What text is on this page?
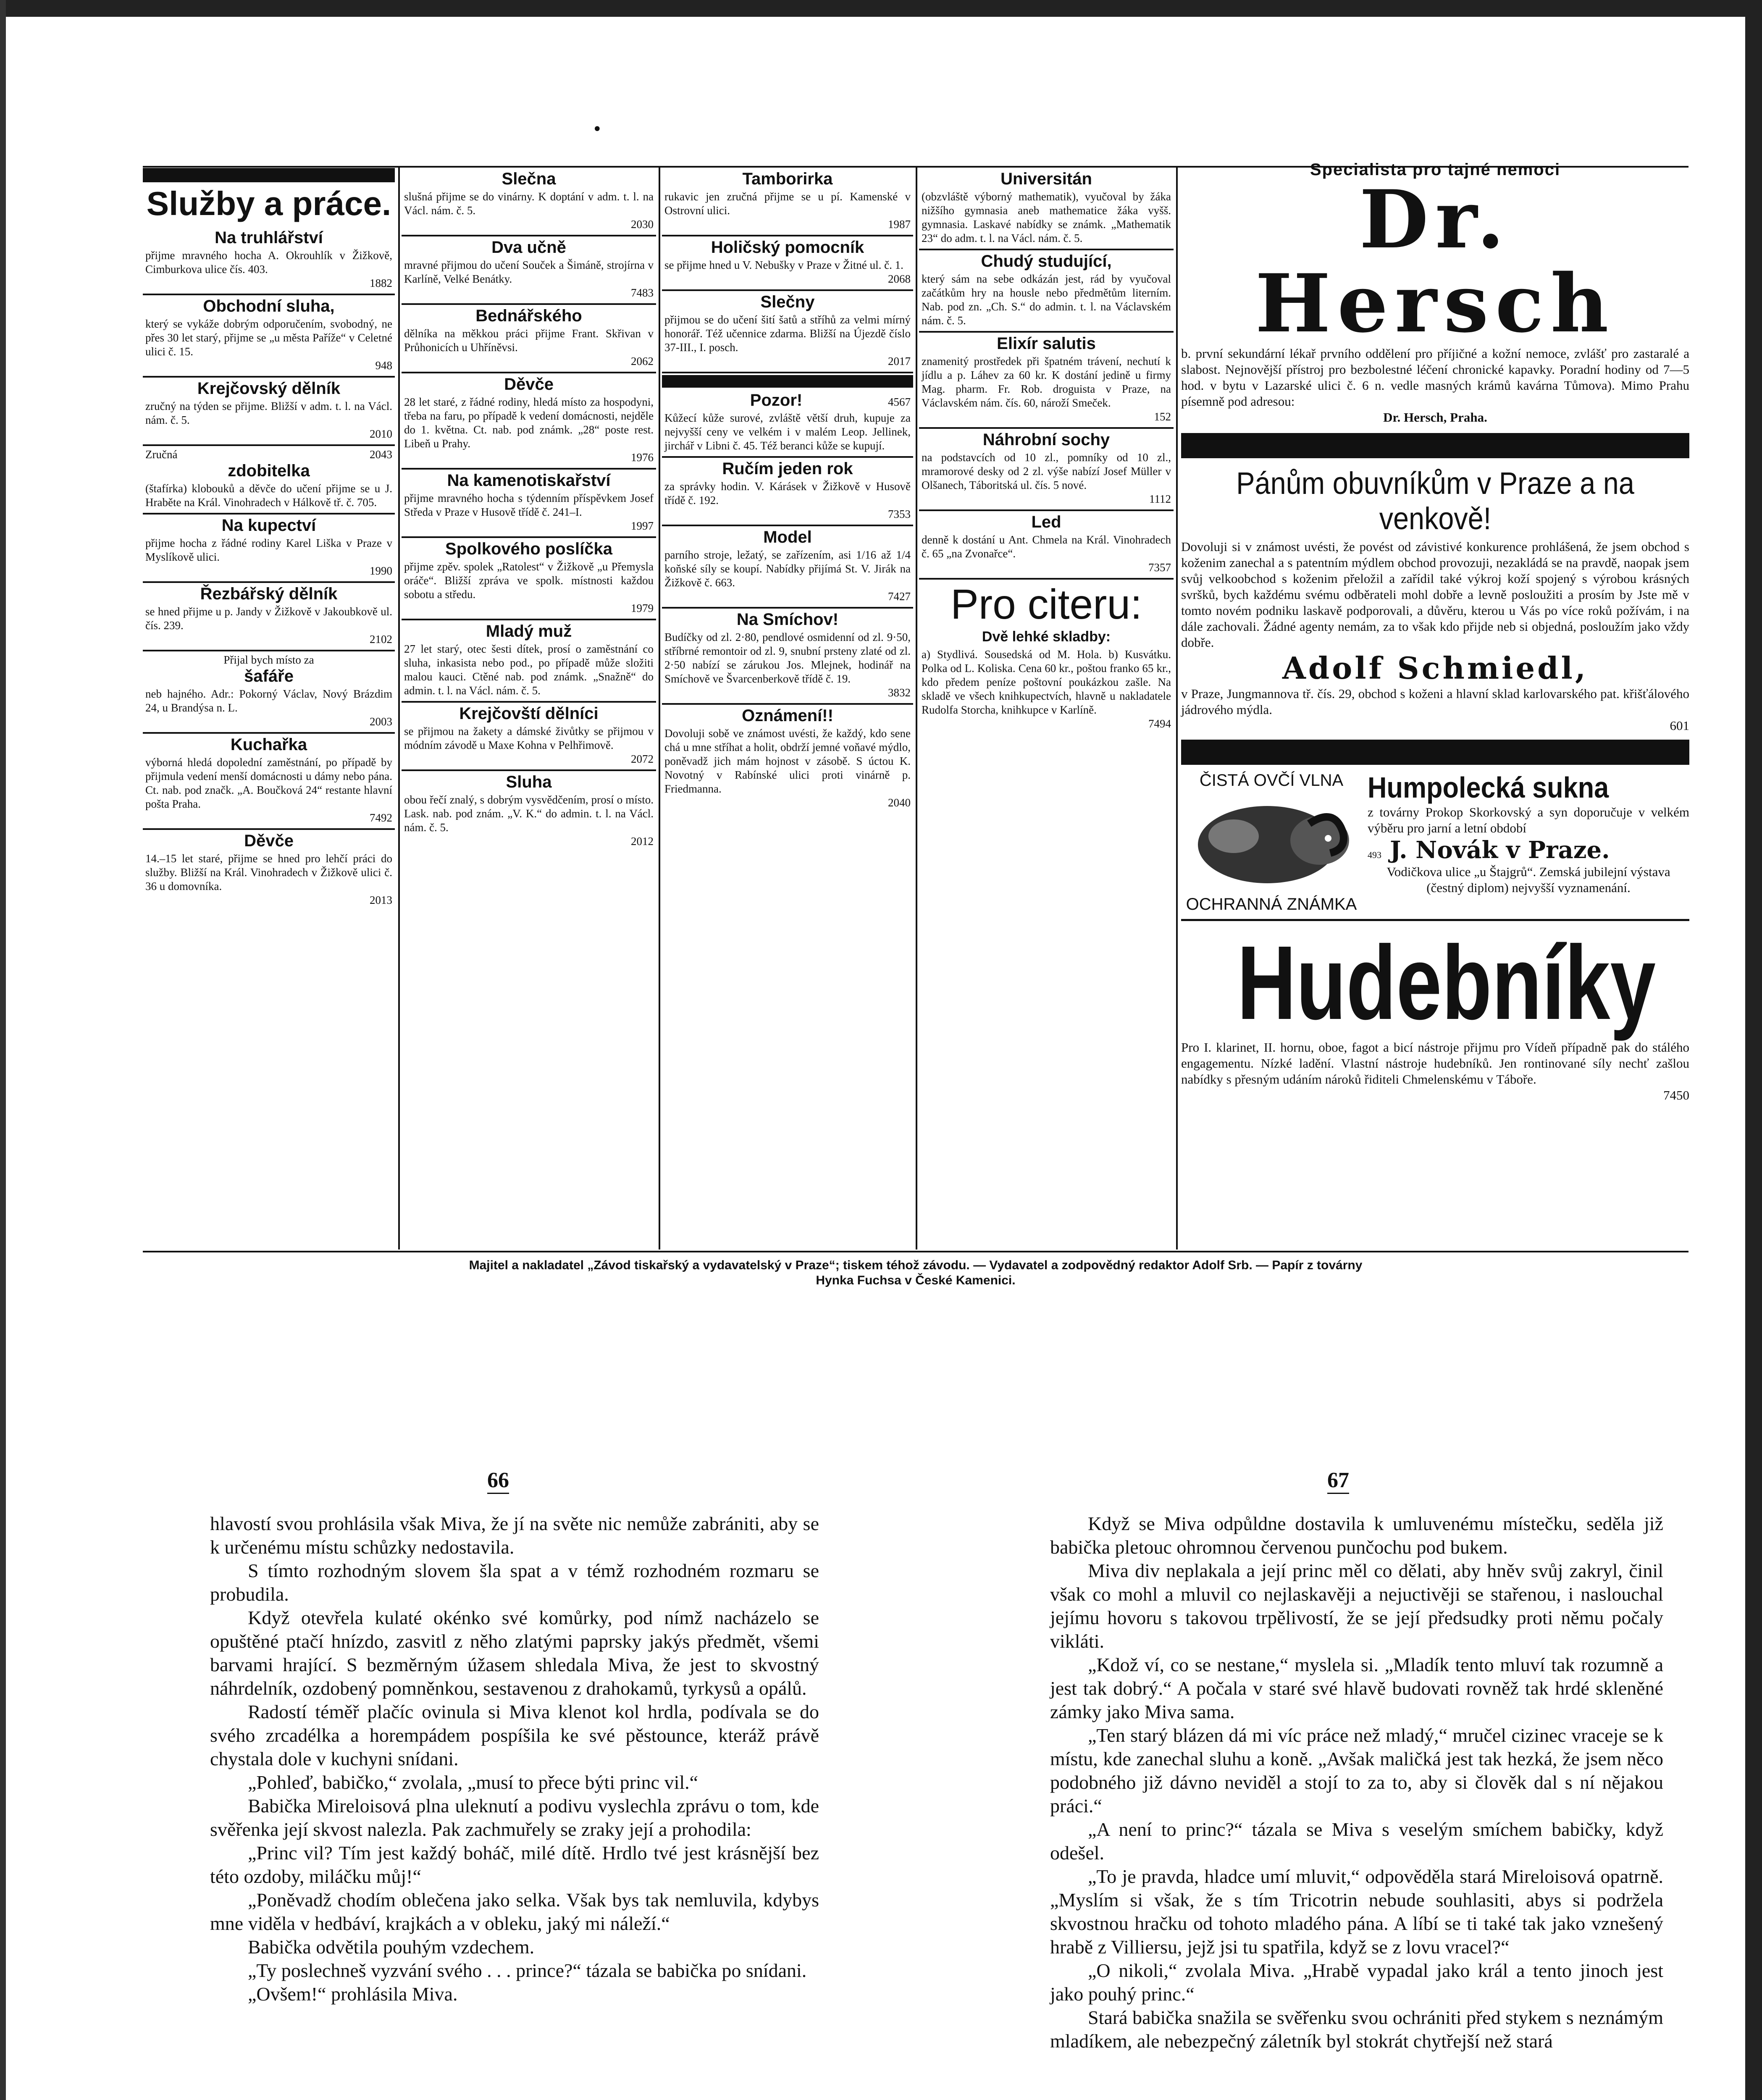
•
Služby a práce.
Na truhlářství

přijme mravného hocha A. Okrouhlík v Žižkově, Cimburkova ulice čís. 403.

1882
Obchodní sluha,

který se vykáže dobrým odporučením, svobodný, ne přes 30 let starý, přijme se „u města Paříže“ v Celetné ulici č. 15.

948
Krejčovský dělník

zručný na týden se přijme. Bližší v adm. t. l. na Václ. nám. č. 5.

2010
Zručná	2043
zdobitelka

(štafírka) klobouků a děvče do učení přijme se u J. Hraběte na Král. Vinohradech v Hálkově tř. č. 705.

Na kupectví

přijme hocha z řádné rodiny Karel Liška v Praze v Myslíkově ulici.

1990
Řezbářský dělník

se hned přijme u p. Jandy v Žižkově v Jakoubkově ul. čís. 239.

2102

Přijal bych místo za

šafáře

neb hajného. Adr.: Pokorný Václav, Nový Brázdim 24, u Brandýsa n. L.

2003
Kuchařka

výborná hledá dopolední zaměstnání, po případě by přijmula vedení menší domácnosti u dámy nebo pána. Ct. nab. pod značk. „A. Boučková 24“ restante hlavní pošta Praha.

7492
Děvče

14.–15 let staré, přijme se hned pro lehčí práci do služby. Bližší na Král. Vinohradech v Žižkově ulici č. 36 u domovníka.

2013
Slečna

slušná přijme se do vinárny. K doptání v adm. t. l. na Václ. nám. č. 5.

2030
Dva učně

mravné přijmou do učení Souček a Šimáně, strojírna v Karlíně, Velké Benátky.

7483
Bednářského

dělníka na měkkou práci přijme Frant. Skřivan v Průhonicích u Uhříněvsi.

2062
Děvče

28 let staré, z řádné rodiny, hledá místo za hospodyni, třeba na faru, po případě k vedení domácnosti, nejděle do 1. května. Ct. nab. pod známk. „28“ poste rest. Libeň u Prahy.

1976
Na kamenotiskařství

přijme mravného hocha s týdenním příspěvkem Josef Středa v Praze v Husově třídě č. 241–I.

1997
Spolkového poslíčka

přijme zpěv. spolek „Ratolest“ v Žižkově „u Přemysla oráče“. Bližší zpráva ve spolk. místnosti každou sobotu a středu.

1979
Mladý muž

27 let starý, otec šesti dítek, prosí o zaměstnání co sluha, inkasista nebo pod., po případě může složiti malou kauci. Ctěné nab. pod známk. „Snažně“ do admin. t. l. na Václ. nám. č. 5.

Krejčovští dělníci

se přijmou na žakety a dámské živůtky se přijmou v módním závodě u Maxe Kohna v Pelhřimově.

2072
Sluha

obou řečí znalý, s dobrým vysvědčením, prosí o místo. Lask. nab. pod znám. „V. K.“ do admin. t. l. na Václ. nám. č. 5.

2012
Tamborirka

rukavic jen zručná přijme se u pí. Kamenské v Ostrovní ulici.

1987
Holičský pomocník

se přijme hned u V. Nebušky v Praze v Žitné ul. č. 1.

2068
Slečny

přijmou se do učení šití šatů a stříhů za velmi mírný honorář. Též učennice zdarma. Bližší na Újezdě číslo 37-III., I. posch.

2017
Pozor!	4567

Kůžecí kůže surové, zvláště větší druh, kupuje za nejvyšší ceny ve velkém i v malém Leop. Jellinek, jirchář v Libni č. 45. Též beranci kůže se kupují.

Ručím jeden rok

za správky hodin. V. Kárásek v Žižkově v Husově třídě č. 192.

7353
Model

parního stroje, ležatý, se zařízením, asi 1/16 až 1/4 koňské síly se koupí. Nabídky přijímá St. V. Jirák na Žižkově č. 663.

7427
Na Smíchov!

Budíčky od zl. 2·80, pendlové osmidenní od zl. 9·50, stříbrné remontoir od zl. 9, snubní prsteny zlaté od zl. 2·50 nabízí se zárukou Jos. Mlejnek, hodinář na Smíchově ve Švarcenberkově třídě č. 19.

3832
Oznámení!!

Dovoluji sobě ve známost uvésti, že každý, kdo sene chá u mne stříhat a holit, obdrží jemné voňavé mýdlo, poněvadž jich mám hojnost v zásobě. S úctou K. Novotný v Rabínské ulici proti vinárně p. Friedmanna.

2040
Universitán

(obzvláště výborný mathematik), vyučoval by žáka nižšího gymnasia aneb mathematice žáka vyšš. gymnasia. Laskavé nabídky se známk. „Mathematik 23“ do adm. t. l. na Václ. nám. č. 5.

Chudý studující,

který sám na sebe odkázán jest, rád by vyučoval začátkům hry na housle nebo předmětům literním. Nab. pod zn. „Ch. S.“ do admin. t. l. na Václavském nám. č. 5.

Elixír salutis

znamenitý prostředek při špatném trávení, nechutí k jídlu a p. Láhev za 60 kr. K dostání jedině u firmy Mag. pharm. Fr. Rob. droguista v Praze, na Václavském nám. čís. 60, nároží Smeček.

152
Náhrobní sochy

na podstavcích od 10 zl., pomníky od 10 zl., mramorové desky od 2 zl. výše nabízí Josef Müller v Olšanech, Táboritská ul. čís. 5 nové.

1112
Led

denně k dostání u Ant. Chmela na Král. Vinohradech č. 65 „na Zvonařce“.

7357
Pro citeru:
Dvě lehké skladby:

a) Stydlivá. Sousedská od M. Hola. b) Kusvátku. Polka od L. Koliska. Cena 60 kr., poštou franko 65 kr., kdo předem peníze poštovní poukázkou zašle. Na skladě ve všech knihkupectvích, hlavně u nakladatele Rudolfa Storcha, knihkupce v Karlíně.

7494
Specialista pro tajné nemoci
Dr. Hersch

b. první sekundární lékař prvního oddělení pro příjičné a kožní nemoce, zvlášť pro zastaralé a slabost. Nejnovější přístroj pro bezbolestné léčení chronické kapavky. Poradní hodiny od 7—5 hod. v bytu v Lazarské ulici č. 6 n. vedle masných krámů kavárna Tůmova). Mimo Prahu písemně pod adresou:

Dr. Hersch, Praha.

Pánům obuvníkům v Praze a na venkově!

Dovoluji si v známost uvésti, že povést od závistivé konkurence prohlášená, že jsem obchod s koženim zanechal a s patentním mýdlem obchod provozuji, nezakládá se na pravdě, naopak jsem svůj velkoobchod s koženim přeložil a zařídil také výkroj koží spojený s výrobou krásných svršků, bych každému svému odběrateli mohl dobře a levně posloužiti a prosím by Jste mě v tomto novém podniku laskavě podporovali, a důvěru, kterou u Vás po více roků požívám, i na dále zachovali. Žádné agenty nemám, za to však kdo přijde neb si objedná, posloužím jako vždy dobře.

Adolf Schmiedl,

v Praze, Jungmannova tř. čís. 29, obchod s koženi a hlavní sklad karlovarského pat. křišťálového jádrového mýdla.

601
ČISTÁ OVČÍ VLNA
OCHRANNÁ ZNÁMKA
Humpolecká sukna

z továrny Prokop Skorkovský a syn doporučuje v velkém výběru pro jarní a letní období

493 J. Novák v Praze.

Vodičkova ulice „u Štajgrů“. Zemská jubilejní výstava (čestný diplom) nejvyšší vyznamenání.

Hudebníky

Pro I. klarinet, II. hornu, oboe, fagot a bicí nástroje přijmu pro Vídeň případně pak do stálého engagementu. Nízké ladění. Vlastní nástroje hudebníků. Jen rontinované síly nechť zašlou nabídky s přesným udáním nároků řiditeli Chmelenskému v Táboře.

7450
Majitel a nakladatel „Závod tiskařský a vydavatelský v Praze“; tiskem téhož závodu. — Vydavatel a zodpovědný redaktor Adolf Srb. — Papír z továrny
Hynka Fuchsa v České Kamenici.
66	67

hlavostí svou prohlásila však Miva, že jí na světe nic nemůže zabrániti, aby se k určenému místu schůzky nedostavila.

S tímto rozhodným slovem šla spat a v témž rozhodném rozmaru se probudila.

Když otevřela kulaté okénko své komůrky, pod nímž nacházelo se opuštěné ptačí hnízdo, zasvitl z něho zlatými paprsky jakýs předmět, všemi barvami hrající. S bezměrným úžasem shledala Miva, že jest to skvostný náhrdelník, ozdobený pomněnkou, sestavenou z drahokamů, tyrkysů a opálů.

Radostí téměř plačíc ovinula si Miva klenot kol hrdla, podívala se do svého zrcadélka a horempádem pospíšila ke své pěstounce, kteráž právě chystala dole v kuchyni snídani.

„Pohleď, babičko,“ zvolala, „musí to přece býti princ vil.“

Babička Mireloisová plna uleknutí a podivu vyslechla zprávu o tom, kde svěřenka její skvost nalezla. Pak zachmuřely se zraky její a prohodila:

„Princ vil? Tím jest každý boháč, milé dítě. Hrdlo tvé jest krásnější bez této ozdoby, miláčku můj!“

„Poněvadž chodím oblečena jako selka. Však bys tak nemluvila, kdybys mne viděla v hedbáví, krajkách a v obleku, jaký mi náleží.“

Babička odvětila pouhým vzdechem.

„Ty poslechneš vyzvání svého . . . prince?“ tázala se babička po snídani.

„Ovšem!“ prohlásila Miva.

Když se Miva odpůldne dostavila k umluvenému místečku, seděla již babička pletouc ohromnou červenou punčochu pod bukem.

Miva div neplakala a její princ měl co dělati, aby hněv svůj zakryl, činil však co mohl a mluvil co nejlaskavěji a nejuctivěji se stařenou, i naslouchal jejímu hovoru s takovou trpělivostí, že se její předsudky proti němu počaly vikláti.

„Kdož ví, co se nestane,“ myslela si. „Mladík tento mluví tak rozumně a jest tak dobrý.“ A počala v staré své hlavě budovati rovněž tak hrdé skleněné zámky jako Miva sama.

„Ten starý blázen dá mi víc práce než mladý,“ mručel cizinec vraceje se k místu, kde zanechal sluhu a koně. „Avšak maličká jest tak hezká, že jsem něco podobného již dávno neviděl a stojí to za to, aby si člověk dal s ní nějakou práci.“

„A není to princ?“ tázala se Miva s veselým smíchem babičky, když odešel.

„To je pravda, hladce umí mluvit,“ odpověděla stará Mireloisová opatrně. „Myslím si však, že s tím Tricotrin nebude souhlasiti, abys si podržela skvostnou hračku od tohoto mladého pána. A líbí se ti také tak jako vznešený hrabě z Villiersu, jejž jsi tu spatřila, když se z lovu vracel?“

„O nikoli,“ zvolala Miva. „Hrabě vypadal jako král a tento jinoch jest jako pouhý princ.“

Stará babička snažila se svěřenku svou ochrániti před stykem s neznámým mladíkem, ale nebezpečný záletník byl stokrát chytřejší než stará
